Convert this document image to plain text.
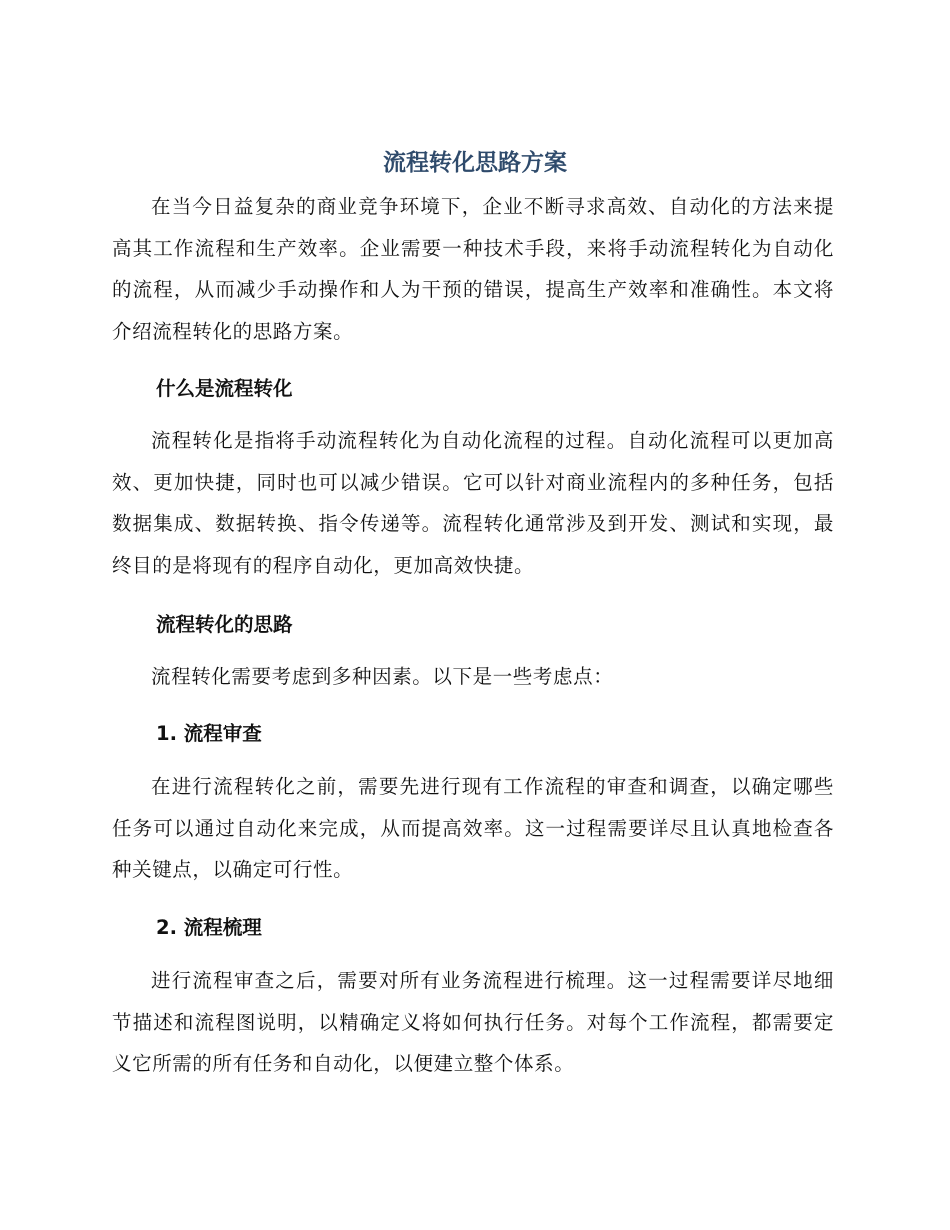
流程转化思路方案

在当今日益复杂的商业竞争环境下，企业不断寻求高效、自动化的方法来提高其工作流程和生产效率。企业需要一种技术手段，来将手动流程转化为自动化的流程，从而减少手动操作和人为干预的错误，提高生产效率和准确性。本文将介绍流程转化的思路方案。

什么是流程转化

流程转化是指将手动流程转化为自动化流程的过程。自动化流程可以更加高效、更加快捷，同时也可以减少错误。它可以针对商业流程内的多种任务，包括数据集成、数据转换、指令传递等。流程转化通常涉及到开发、测试和实现，最终目的是将现有的程序自动化，更加高效快捷。

流程转化的思路

流程转化需要考虑到多种因素。以下是一些考虑点：

1. 流程审查

在进行流程转化之前，需要先进行现有工作流程的审查和调查，以确定哪些任务可以通过自动化来完成，从而提高效率。这一过程需要详尽且认真地检查各种关键点，以确定可行性。

2. 流程梳理

进行流程审查之后，需要对所有业务流程进行梳理。这一过程需要详尽地细节描述和流程图说明，以精确定义将如何执行任务。对每个工作流程，都需要定义它所需的所有任务和自动化，以便建立整个体系。
